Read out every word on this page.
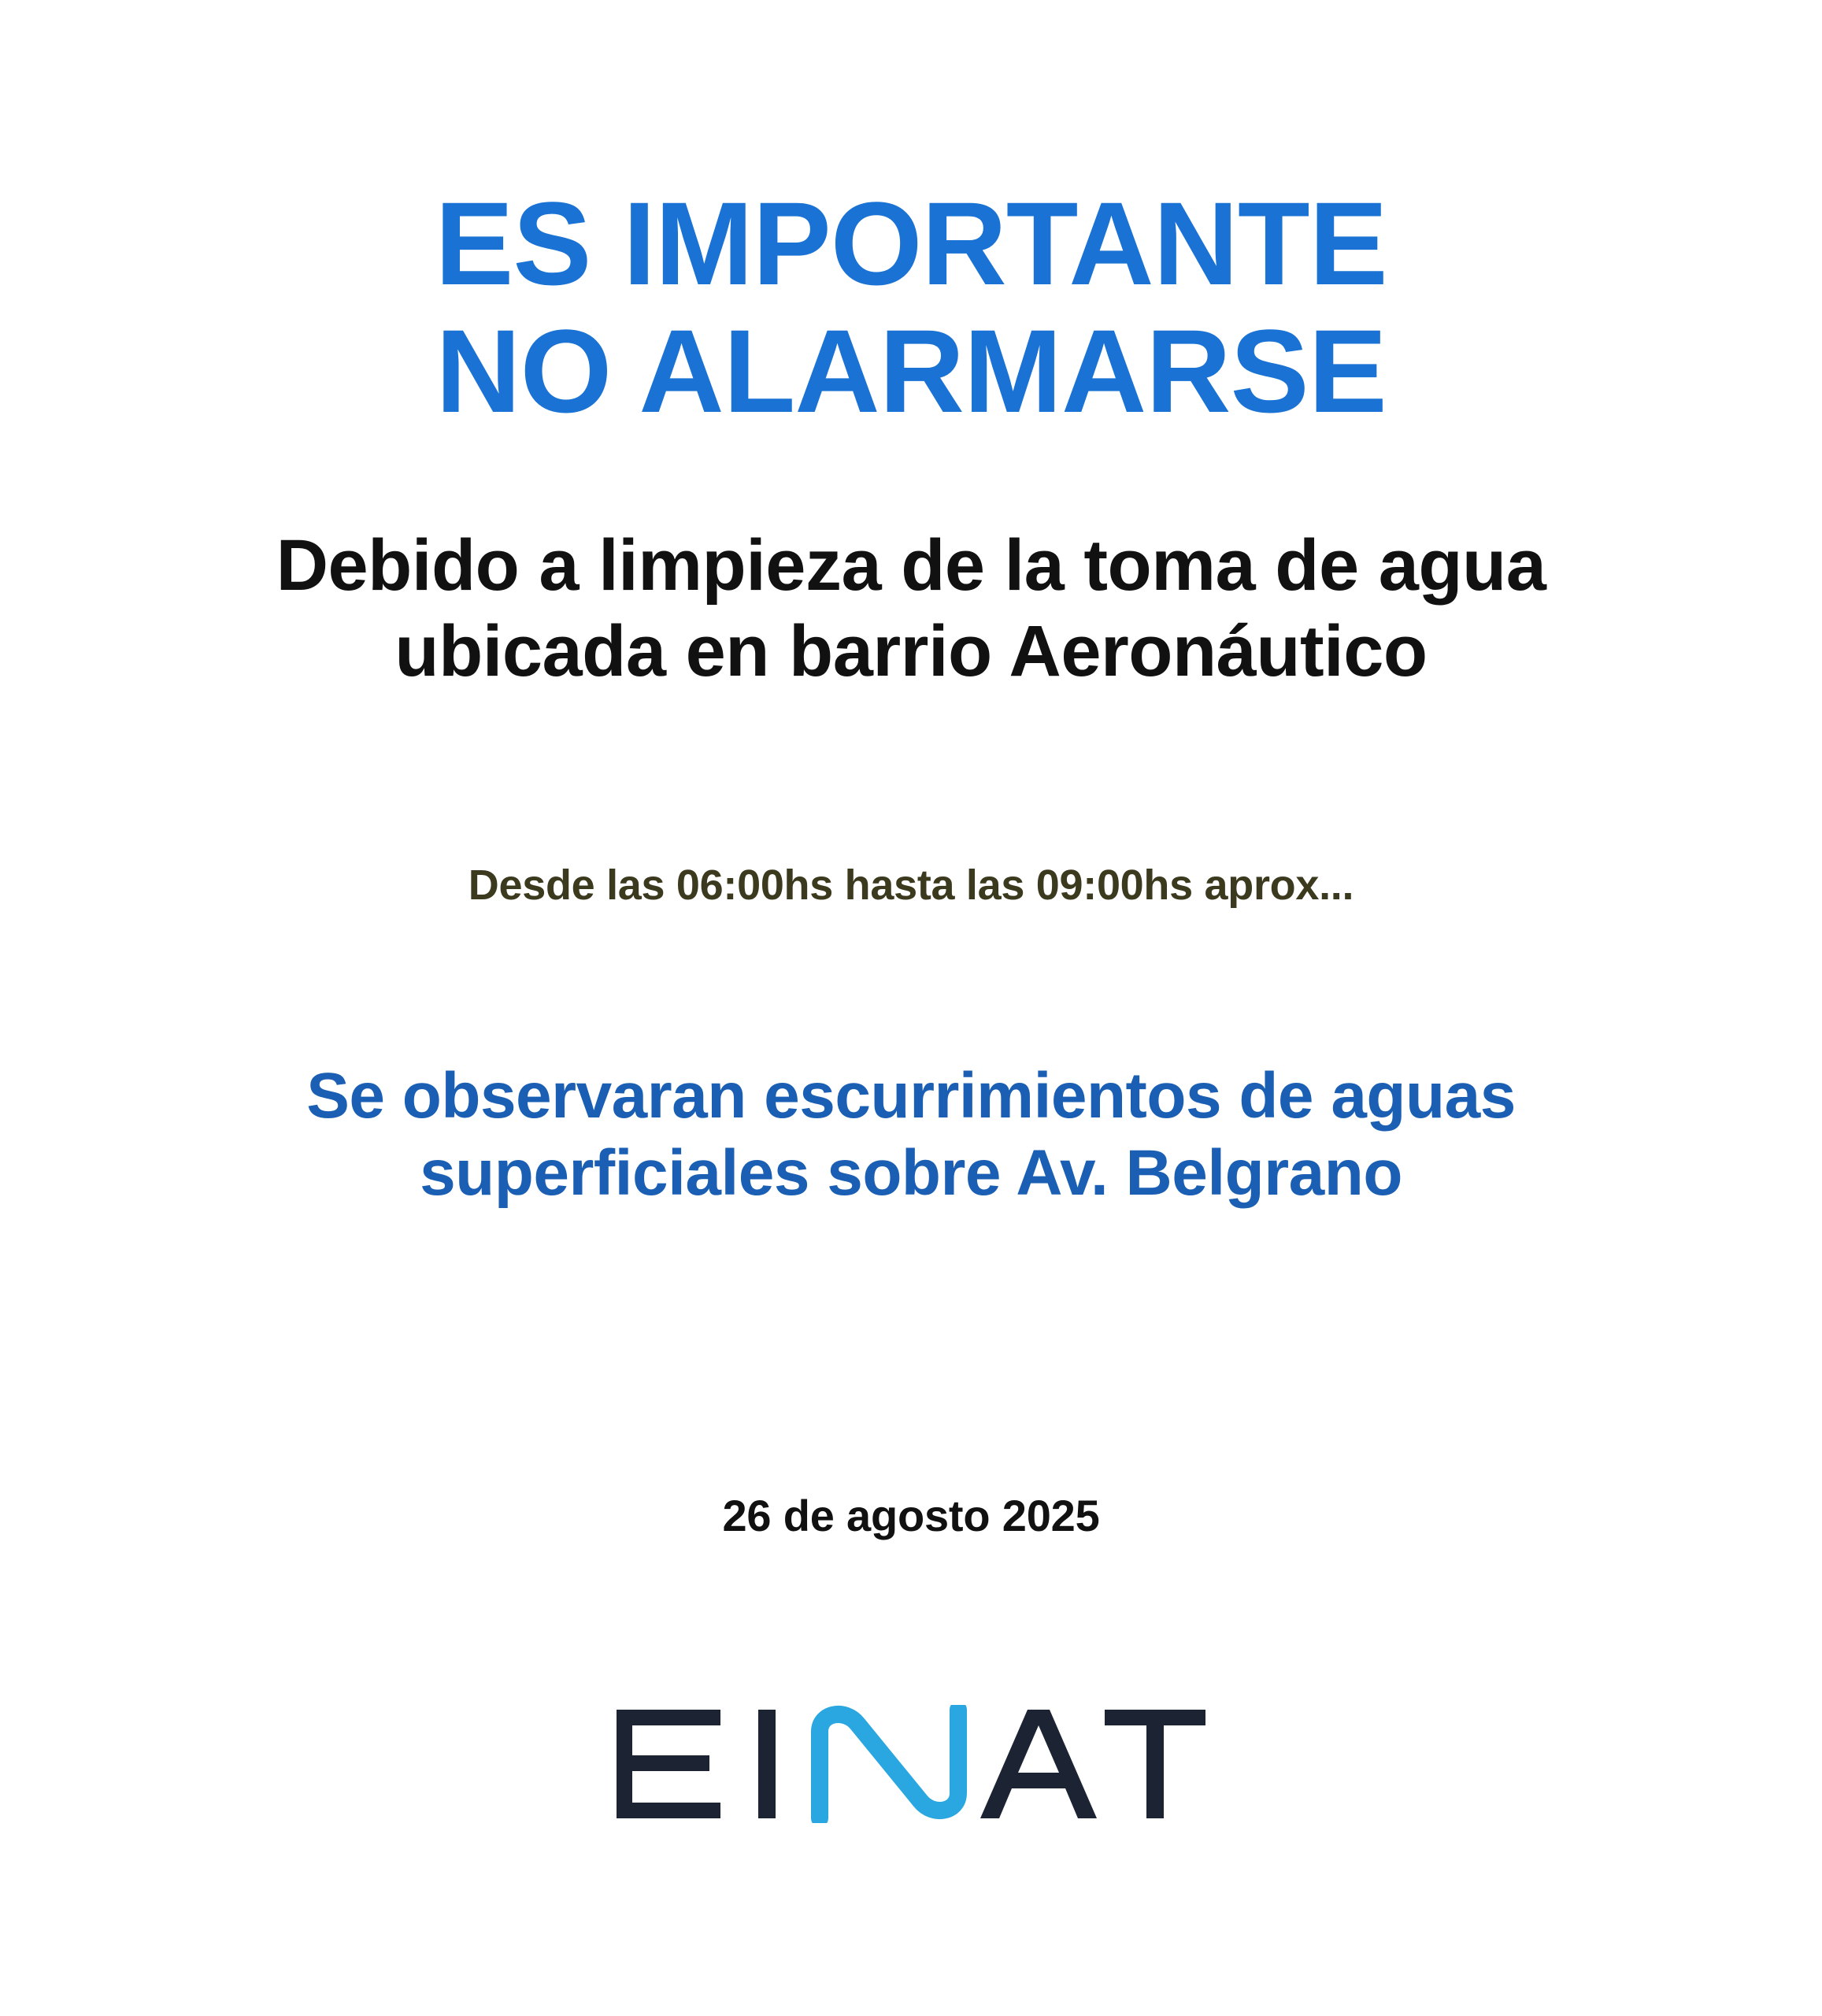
ES IMPORTANTE
NO ALARMARSE
Debido a limpieza de la toma de agua
ubicada en barrio Aeronáutico
Desde las 06:00hs hasta las 09:00hs aprox...
Se observaran escurrimientos de aguas
superficiales sobre Av. Belgrano
26 de agosto 2025
